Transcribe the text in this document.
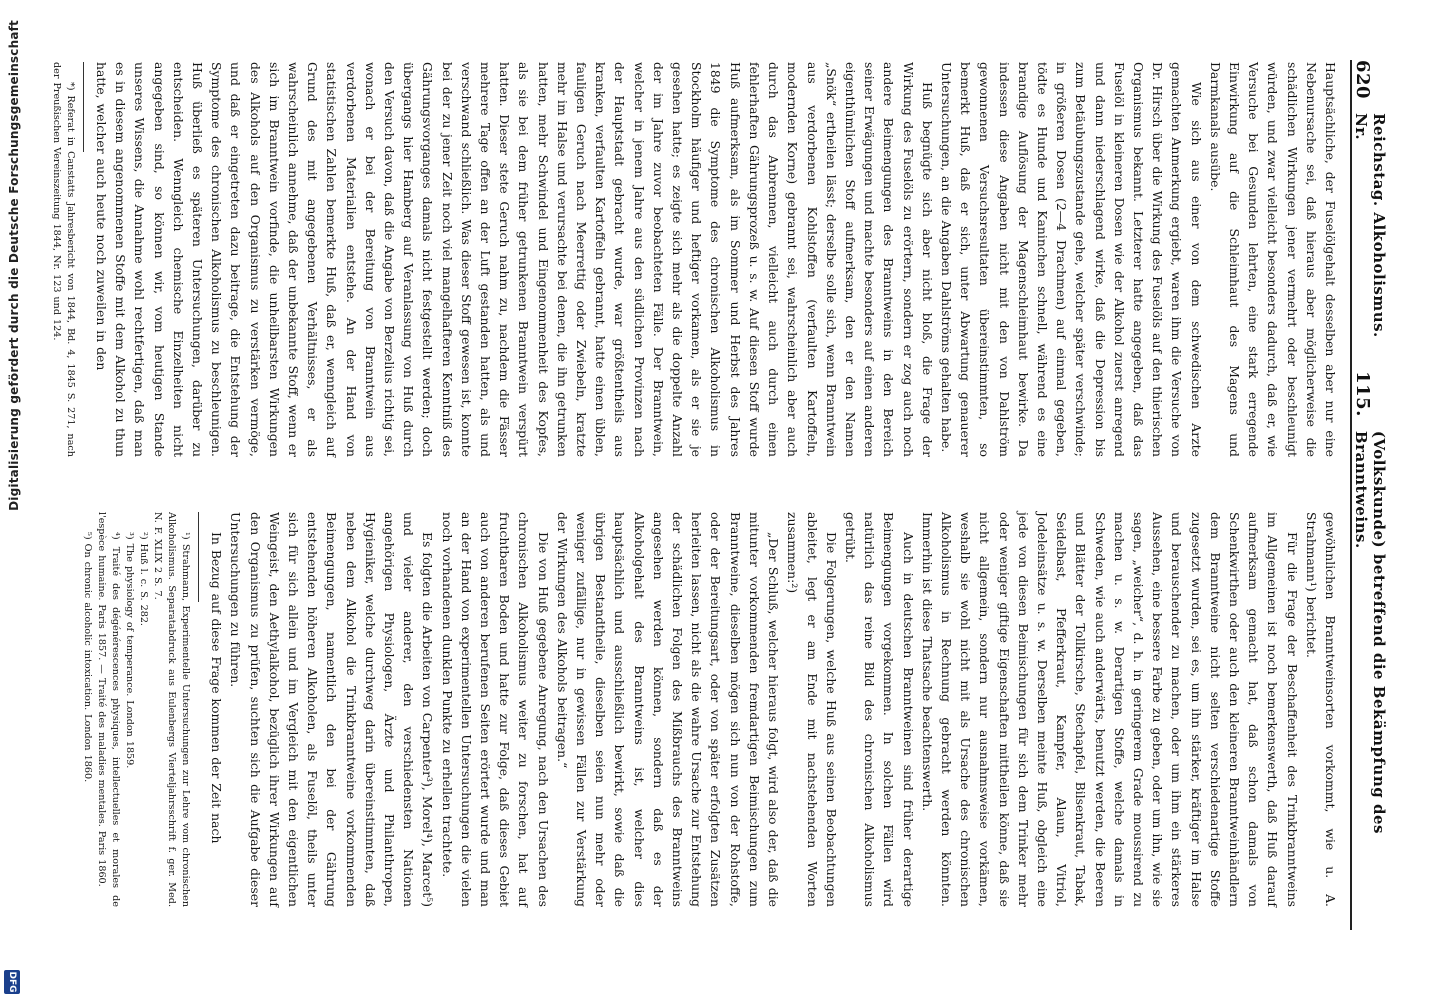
620
Reichstag. Alkoholismus. Nr.
115.
(Volkskunde) betreffend die Bekämpfung des Branntweins.

Hauptsächliche, der Fuselölgehalt desselben aber nur eine Nebenursache sei, daß hieraus aber möglicherweise die schädlichen Wirkungen jener vermehrt oder beschleunigt würden, und zwar vielleicht besonders dadurch, daß er, wie Versuche bei Gesunden lehrten, eine stark erregende Einwirkung auf die Schleimhaut des Magens und Darmkanals ausübe.

Wie sich aus einer von dem schwedischen Arzte gemachten Anmerkung ergiebt, waren ihm die Versuche von Dr. Hirsch über die Wirkung des Fuselöls auf den thierischen Organismus bekannt. Letzterer hatte angegeben, daß das Fuselöl in kleineren Dosen wie der Alkohol zuerst anregend und dann niederschlagend wirke, daß die Depression bis zum Betäubungszustande gehe, welcher später verschwinde; in größeren Dosen (2—4 Drachmen) auf einmal gegeben, tödte es Hunde und Kaninchen schnell, während es eine brandige Auflösung der Magenschleimhaut bewirke. Da indessen diese Angaben nicht mit den von Dahlström gewonnenen Versuchsresultaten übereinstimmten, so bemerkt Huß, daß er sich, unter Abwartung genauerer Untersuchungen, an die Angaben Dahlströms gehalten habe.

Huß begnügte sich aber nicht bloß, die Frage der Wirkung des Fuselöls zu erörtern, sondern er zog auch noch andere Beimengungen des Branntweins in den Bereich seiner Erwägungen und machte besonders auf einen anderen eigenthümlichen Stoff aufmerksam, den er den Namen „Snök“ ertheilen lässt; derselbe solle sich, wenn Branntwein aus verdorbenen Kohlstoffen (verfaulten Kartoffeln, modernden Korne) gebrannt sei, wahrscheinlich aber auch durch das Anbrennen, vielleicht auch durch einen fehlerhaften Gährungsprozeß u. s. w. Auf diesen Stoff wurde Huß aufmerksam, als im Sommer und Herbst des Jahres 1849 die Symptome des chronischen Alkoholismus in Stockholm häufiger und heftiger vorkamen, als er sie je gesehen hatte; es zeigte sich mehr als die doppelte Anzahl der im Jahre zuvor beobachteten Fälle. Der Branntwein, welcher in jenem Jahre aus den südlichen Provinzen nach der Hauptstadt gebracht wurde, war größtentheils aus kranken, verfaulten Kartoffeln gebrannt, hatte einen üblen, fauligen Geruch nach Meerrettig oder Zwiebeln, kratzte mehr im Halse und verursachte bei denen, die ihn getrunken hatten, mehr Schwindel und Eingenommenheit des Kopfes, als sie bei dem früher getrunkenen Branntwein verspürt hatten. Dieser stete Geruch nahm zu, nachdem die Fässer mehrere Tage offen an der Luft gestanden hatten, als und verschwand schließlich. Was dieser Stoff gewesen ist, konnte bei der zu jener Zeit noch viel mangelhafteren Kenntniß des Gährungsvorganges damals nicht festgestellt werden; doch übergangs hier Hamberg auf Veranlassung von Huß durch den Versuch davon, daß die Angabe von Berzelius richtig sei, wonach er bei der Bereitung von Branntwein aus verdorbenen Materialien entstehe. An der Hand von statistischen Zahlen bemerkte Huß, daß er, wenngleich auf Grund des mit angegebenen Verhältnisses, er als wahrscheinlich annehme, daß der unbekannte Stoff, wenn er sich im Branntwein vorfinde, die unheilbarsten Wirkungen des Alkohols auf den Organismus zu verstärken vermöge, und daß er eingetreten dazu beitrage, die Entstehung der Symptome des chronischen Alkoholismus zu beschleunigen. Huß überließ es späteren Untersuchungen, darüber zu entscheiden. Wenngleich chemische Einzelheiten nicht angegeben sind, so können wir, vom heutigen Stande unseres Wissens, die Annahme wohl rechtfertigen, daß man es in diesem angenommenen Stoffe mit dem Alkohol zu thun hatte, welcher auch heute noch zuweilen in den

*) Referat in Canstatts Jahresbericht von 1844, Bd. 4, 1845 S. 271, nach der Preußischen Vereinszeitung 1844, Nr. 123 und 124.

gewöhnlichen Branntweinsorten vorkommt, wie u. A. Strahmann¹) berichtet.

Für die Frage der Beschaffenheit des Trinkbranntweins im Allgemeinen ist noch bemerkenswerth, daß Huß darauf aufmerksam gemacht hat, daß schon damals von Schenkwirthen oder auch den kleineren Branntweinhändlern dem Branntweine nicht selten verschiedenartige Stoffe zugesetzt wurden, sei es, um ihn stärker, kräftiger im Halse und berauschender zu machen, oder um ihm ein stärkeres Aussehen, eine bessere Farbe zu geben, oder um ihn, wie sie sagen, „weicher“, d. h. in geringerem Grade moussirend zu machen u. s. w. Derartigen Stoffe, welche damals in Schweden, wie auch anderwärts, benutzt werden, die Beeren und Blätter der Tollkirsche, Stechapfel, Bilsenkraut, Tabak, Seidelbast, Pfefferkraut, Kampfer, Alaun, Vitriol, Jodeleinsätze u. s. w. Derselben meinte Huß, obgleich eine jede von diesen Beimischungen für sich dem Trinker mehr oder weniger giftige Eigenschaften mittheilen könne, daß sie nicht allgemein, sondern nur ausnahmsweise vorkämen, weshalb sie wohl nicht mit als Ursache des chronischen Alkoholismus in Rechnung gebracht werden könnten. Immerhin ist diese Thatsache beachtenswerth.

Auch in deutschen Branntweinen sind früher derartige Beimengungen vorgekommen. In solchen Fällen wird natürlich das reine Bild des chronischen Alkoholismus getrübt.

Die Folgerungen, welche Huß aus seinen Beobachtungen ableitet, legt er am Ende mit nachstehenden Worten zusammen:²)

„Der Schluß, welcher hieraus folgt, wird also der, daß die mitunter vorkommenden fremdartigen Beimischungen zum Branntweine, dieselben mögen sich nun von der Rohstoffe, oder der Bereitungsart, oder von später erfolgten Zusätzen herleiten lassen, nicht als die wahre Ursache zur Entstehung der schädlichen Folgen des Mißbrauchs des Branntweins angesehen werden können, sondern daß es der Alkoholgehalt des Branntweins ist, welcher dies hauptsächlich und ausschließlich bewirkt, sowie daß die übrigen Bestandtheile, dieselben seien nun mehr oder weniger zufällige, nur in gewissen Fällen zur Verstärkung der Wirkungen des Alkohols beitragen.“

Die von Huß gegebene Anregung, nach den Ursachen des chronischen Alkoholismus weiter zu forschen, hat auf fruchtbaren Boden und hatte zur Folge, daß dieses Gebiet auch von anderen berufenen Seiten erörtert wurde und man an der Hand von experimentellen Untersuchungen die vielen noch vorhandenen dunklen Punkte zu erhellen trachtete.

Es folgten die Arbeiten von Carpenter³), Morel⁴), Marcet⁵) und vieler anderer, den verschiedensten Nationen angehörigen Physiologen, Ärzte und Philanthropen, Hygieniker, welche durchweg darin übereinstimmten, daß neben dem Alkohol die Trinkbranntweine vorkommenden Beimengungen, namentlich den bei der Gährung entstehenden höheren Alkoholen, als Fuselöl, theils unter sich für sich allein und im Vergleich mit den eigentlichen Weingeist, den Aethylalkohol, bezüglich ihrer Wirkungen auf den Organismus zu prüfen, suchten sich die Aufgabe dieser Untersuchungen zu führen.

In Bezug auf diese Frage kommen der Zeit nach

¹) Strahmann, Experimentelle Untersuchungen zur Lehre vom chronischen Alkoholismus. Separatabdruck aus Eulenbergs Vierteljahrsschrift f. ger. Med. N. F. XLIX 2 S. 7.

²) Huß l. c. S. 282.

³) The physiology of temperance. London 1859.

⁴) Traité des dégénérescences physiques, intellectuelles et morales de l'espèce humaine. Paris 1857. — Traité des maladies mentales. Paris 1860.

⁵) On chronic alcoholic intoxication. London 1860.

Digitalisierung gefördert durch die Deutsche Forschungsgemeinschaft
DFG
